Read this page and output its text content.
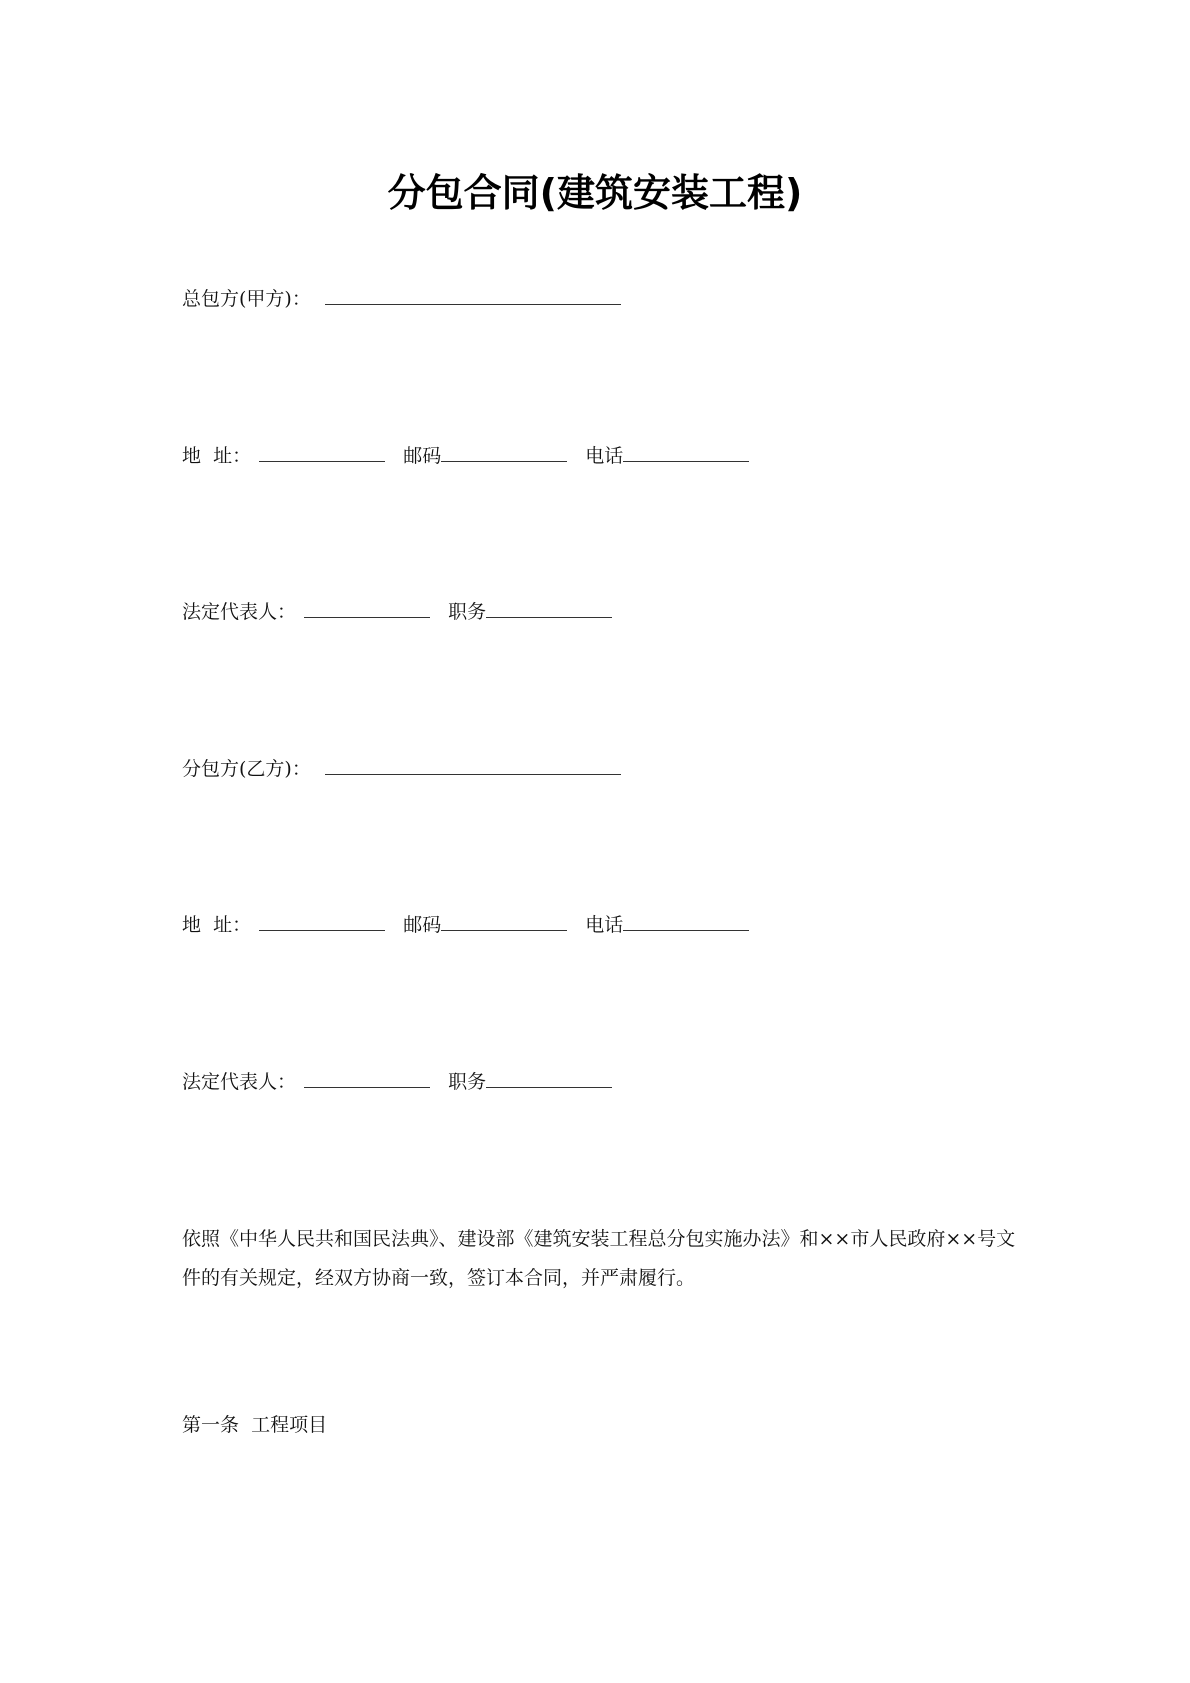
分包合同(建筑安装工程)
总包方(甲方)：
地  址：	邮码	电话
法定代表人：	职务
分包方(乙方)：
地  址：	邮码	电话
法定代表人：	职务
依照《中华人民共和国民法典》、建设部《建筑安装工程总分包实施办法》和××市人民政府××号文件的有关规定，经双方协商一致，签订本合同，并严肃履行。
第一条  工程项目
